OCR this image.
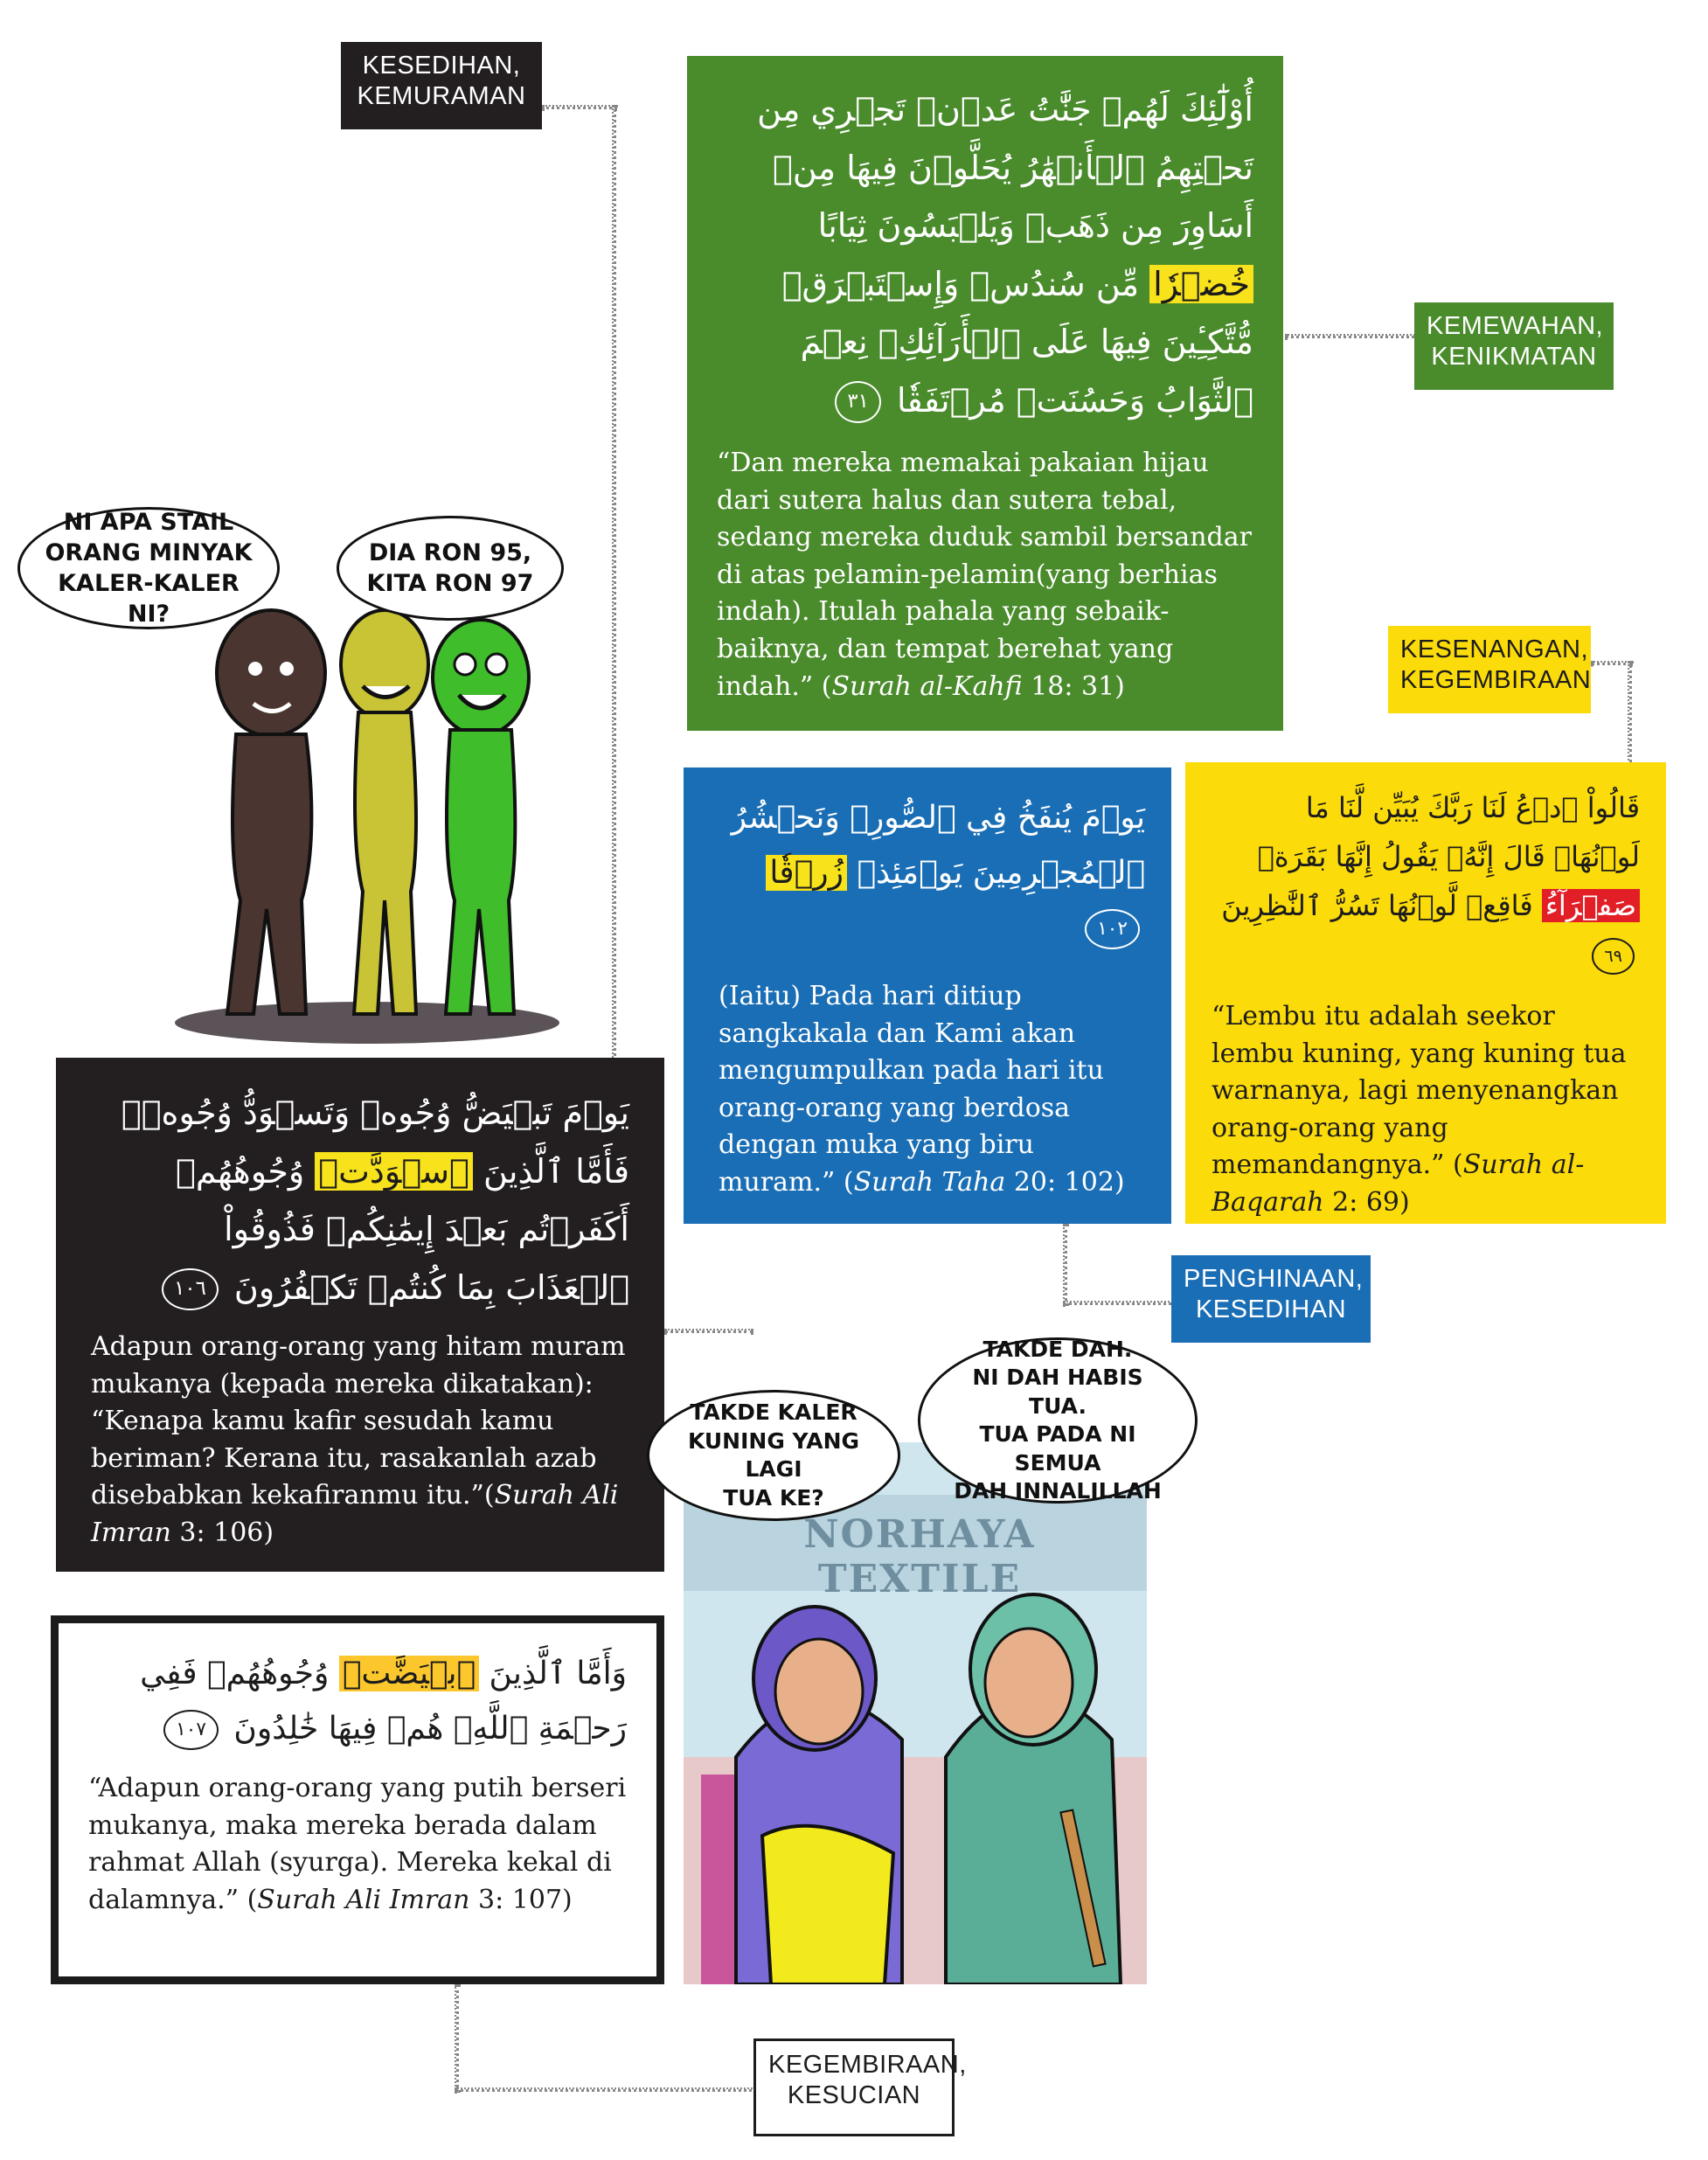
KESEDIHAN,
KEMURAMAN
KEMEWAHAN,
KENIKMATAN
KESENANGAN,
KEGEMBIRAAN
PENGHINAAN,
KESEDIHAN
KEGEMBIRAAN,
KESUCIAN
أُوْلَٰٓئِكَ لَهُمۡ جَنَّٰتُ عَدۡنٖ تَجۡرِي مِن تَحۡتِهِمُ ٱلۡأَنۡهَٰرُ يُحَلَّوۡنَ فِيهَا مِنۡ أَسَاوِرَ مِن ذَهَبٖ وَيَلۡبَسُونَ ثِيَابًا خُضۡرٗا مِّن سُندُسٖ وَإِسۡتَبۡرَقٖ مُّتَّكِـِٔينَ فِيهَا عَلَى ٱلۡأَرَآئِكِۚ نِعۡمَ ٱلثَّوَابُ وَحَسُنَتۡ مُرۡتَفَقٗا ٣١
“Dan mereka memakai pakaian hijau dari sutera halus dan sutera tebal, sedang mereka duduk sambil bersandar di atas pelamin-pelamin(yang berhias indah). Itulah pahala yang sebaik-baiknya, dan tempat berehat yang indah.” (Surah al-Kahfi 18: 31)
يَوۡمَ يُنفَخُ فِي ٱلصُّورِۚ وَنَحۡشُرُ ٱلۡمُجۡرِمِينَ يَوۡمَئِذٖ زُرۡقٗا ١٠٢
(Iaitu) Pada hari ditiup sangkakala dan Kami akan mengumpulkan pada hari itu orang-orang yang berdosa dengan muka yang biru muram.” (Surah Taha 20: 102)
قَالُواْ ٱدۡعُ لَنَا رَبَّكَ يُبَيِّن لَّنَا مَا لَوۡنُهَاۚ قَالَ إِنَّهُۥ يَقُولُ إِنَّهَا بَقَرَةٞ صَفۡرَآءُ فَاقِعٞ لَّوۡنُهَا تَسُرُّ ٱلنَّٰظِرِينَ ٦٩
“Lembu itu adalah seekor lembu kuning, yang kuning tua warnanya, lagi menyenangkan orang-orang yang memandangnya.” (Surah al-Baqarah 2: 69)
يَوۡمَ تَبۡيَضُّ وُجُوهٞ وَتَسۡوَدُّ وُجُوهٞۚ فَأَمَّا ٱلَّذِينَ ٱسۡوَدَّتۡ وُجُوهُهُمۡ أَكَفَرۡتُم بَعۡدَ إِيمَٰنِكُمۡ فَذُوقُواْ ٱلۡعَذَابَ بِمَا كُنتُمۡ تَكۡفُرُونَ ١٠٦
Adapun orang-orang yang hitam muram mukanya (kepada mereka dikatakan): “Kenapa kamu kafir sesudah kamu beriman? Kerana itu, rasakanlah azab disebabkan kekafiranmu itu.”(Surah Ali Imran 3: 106)
وَأَمَّا ٱلَّذِينَ ٱبۡيَضَّتۡ وُجُوهُهُمۡ فَفِي رَحۡمَةِ ٱللَّهِۖ هُمۡ فِيهَا خَٰلِدُونَ ١٠٧
“Adapun orang-orang yang putih berseri mukanya, maka mereka berada dalam rahmat Allah (syurga). Mereka kekal di dalamnya.” (Surah Ali Imran 3: 107)
NI APA STAIL
ORANG MINYAK
KALER-KALER NI?
DIA RON 95,
KITA RON 97
NORHAYA TEXTILE
TAKDE KALER
KUNING YANG LAGI
TUA KE?
TAKDE DAH.
NI DAH HABIS TUA.
TUA PADA NI SEMUA
INNALILLAH
